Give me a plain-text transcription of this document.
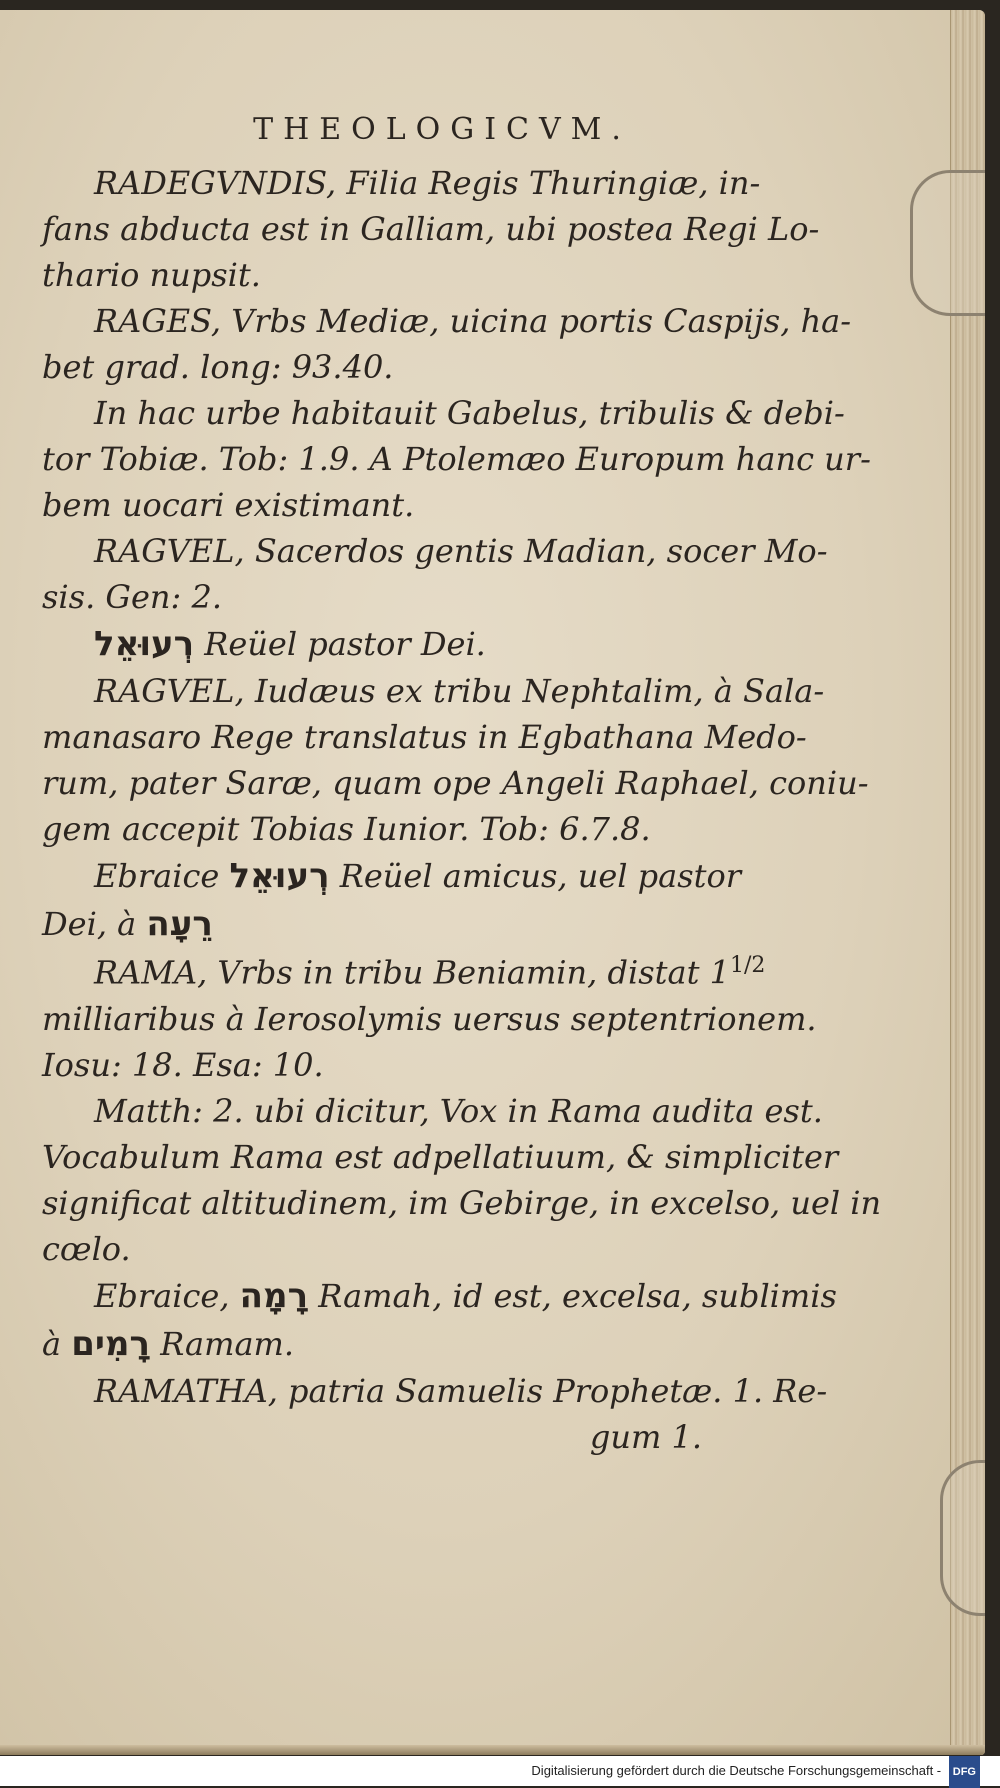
THEOLOGICVM.
RADEGVNDIS, Filia Regis Thuringiæ, in-
fans abducta est in Galliam, ubi postea Regi Lo-
thario nupsit.
RAGES, Vrbs Mediæ, uicina portis Caspijs, ha-
bet grad. long: 93.40.
In hac urbe habitauit Gabelus, tribulis & debi-
tor Tobiæ. Tob: 1.9. A Ptolemæo Europum hanc ur-
bem uocari existimant.
RAGVEL, Sacerdos gentis Madian, socer Mo-
sis. Gen: 2.
רְעוּאֵל Reüel pastor Dei.
RAGVEL, Iudæus ex tribu Nephtalim, à Sala-
manasaro Rege translatus in Egbathana Medo-
rum, pater Saræ, quam ope Angeli Raphael, coniu-
gem accepit Tobias Iunior. Tob: 6.7.8.
Ebraice רְעוּאֵל Reüel amicus, uel pastor
Dei, à רֵעָה
RAMA, Vrbs in tribu Beniamin, distat $1^{1/2}$
milliaribus à Ierosolymis uersus septentrionem.
Iosu: 18. Esa: 10.
Matth: 2. ubi dicitur, Vox in Rama audita est.
Vocabulum Rama est adpellatiuum, & simpliciter
significat altitudinem, im Gebirge, in excelso, uel in
cœlo.
Ebraice, רָמָה Ramah, id est, excelsa, sublimis
à רָמִים Ramam.
RAMATHA, patria Samuelis Prophetæ. 1. Re-
gum 1.
Digitalisierung gefördert durch die Deutsche Forschungsgemeinschaft - DFG
